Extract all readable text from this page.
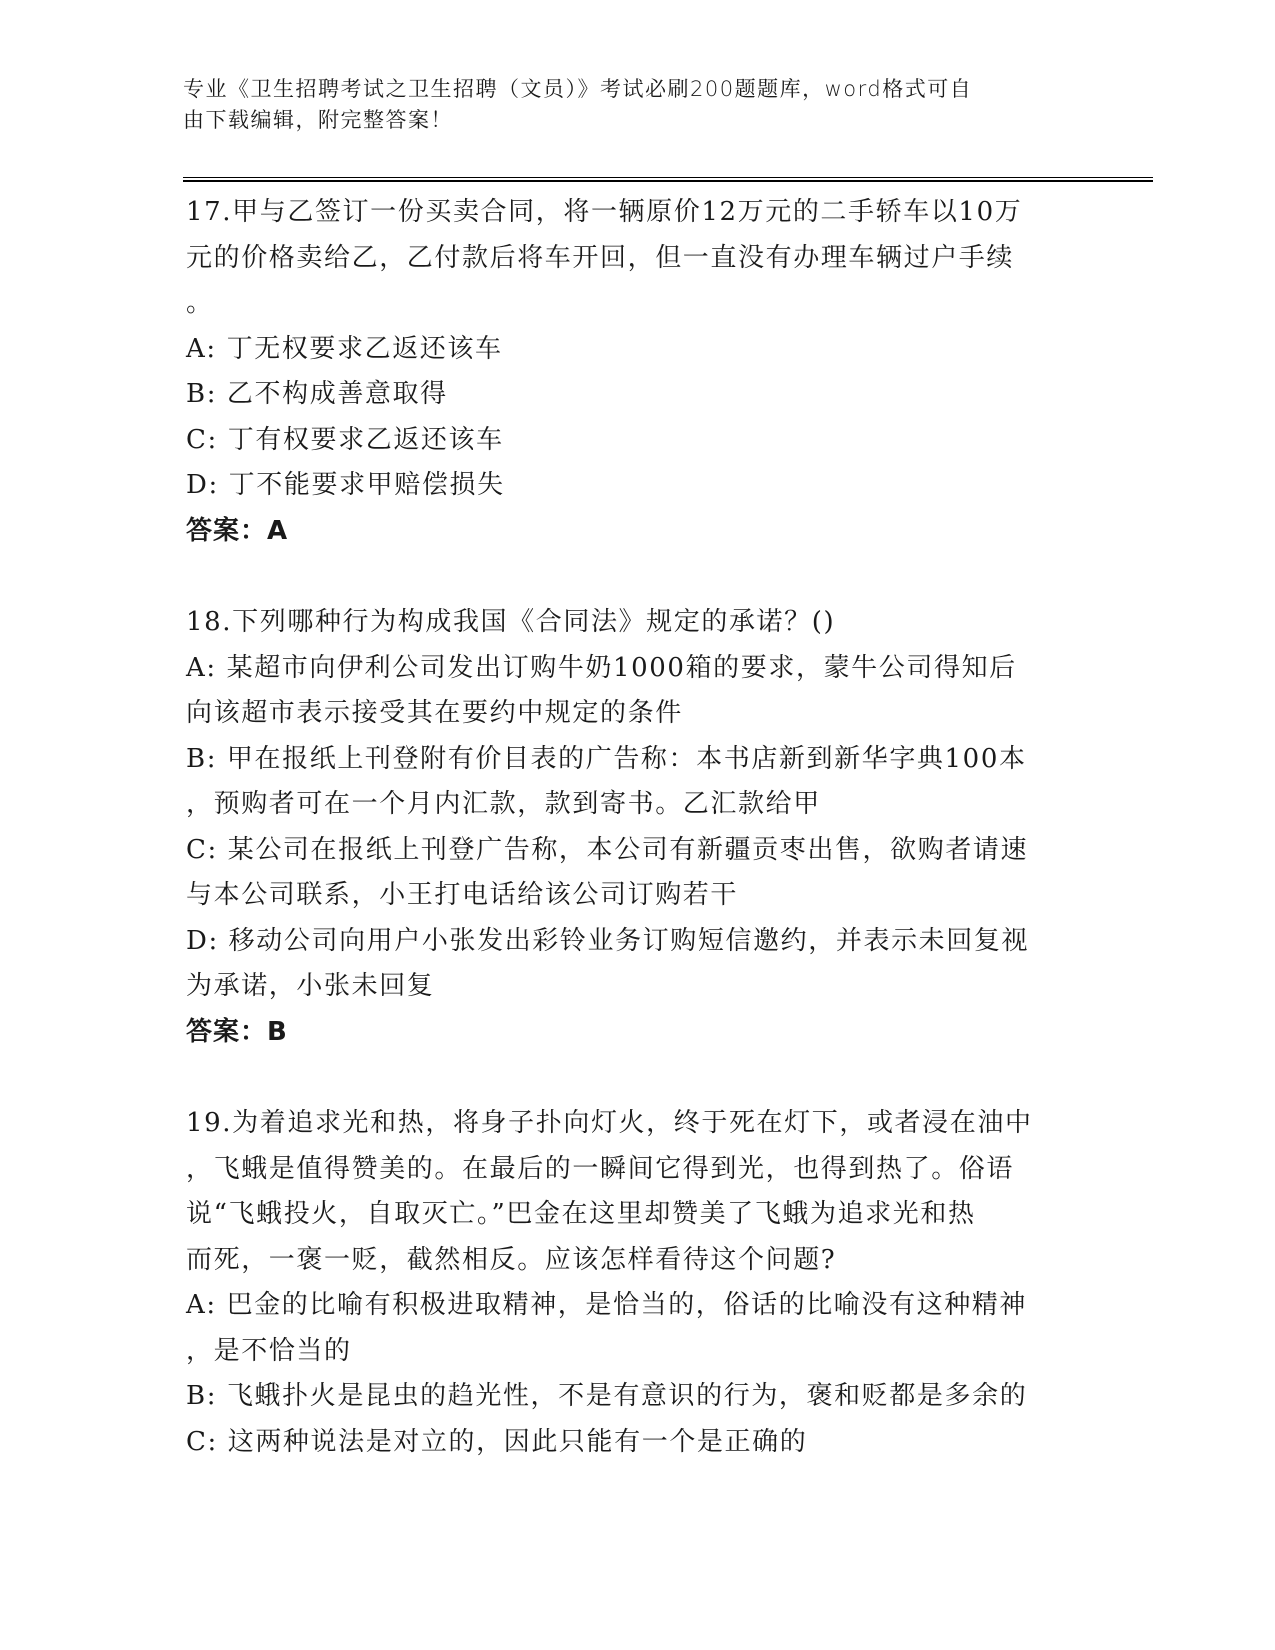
专业《卫生招聘考试之卫生招聘（文员）》考试必刷200题题库，word格式可自
由下载编辑，附完整答案！
17.甲与乙签订一份买卖合同，将一辆原价12万元的二手轿车以10万
元的价格卖给乙，乙付款后将车开回，但一直没有办理车辆过户手续
。
A: 丁无权要求乙返还该车
B: 乙不构成善意取得
C: 丁有权要求乙返还该车
D: 丁不能要求甲赔偿损失
答案：A
18.下列哪种行为构成我国《合同法》规定的承诺？()
A: 某超市向伊利公司发出订购牛奶1000箱的要求，蒙牛公司得知后
向该超市表示接受其在要约中规定的条件
B: 甲在报纸上刊登附有价目表的广告称：本书店新到新华字典100本
，预购者可在一个月内汇款，款到寄书。乙汇款给甲
C: 某公司在报纸上刊登广告称，本公司有新疆贡枣出售，欲购者请速
与本公司联系，小王打电话给该公司订购若干
D: 移动公司向用户小张发出彩铃业务订购短信邀约，并表示未回复视
为承诺，小张未回复
答案：B
19.为着追求光和热，将身子扑向灯火，终于死在灯下，或者浸在油中
，飞蛾是值得赞美的。在最后的一瞬间它得到光，也得到热了。俗语
说“飞蛾投火，自取灭亡。”巴金在这里却赞美了飞蛾为追求光和热
而死，一褒一贬，截然相反。应该怎样看待这个问题?
A: 巴金的比喻有积极进取精神，是恰当的，俗话的比喻没有这种精神
，是不恰当的
B: 飞蛾扑火是昆虫的趋光性，不是有意识的行为，褒和贬都是多余的
C: 这两种说法是对立的，因此只能有一个是正确的
